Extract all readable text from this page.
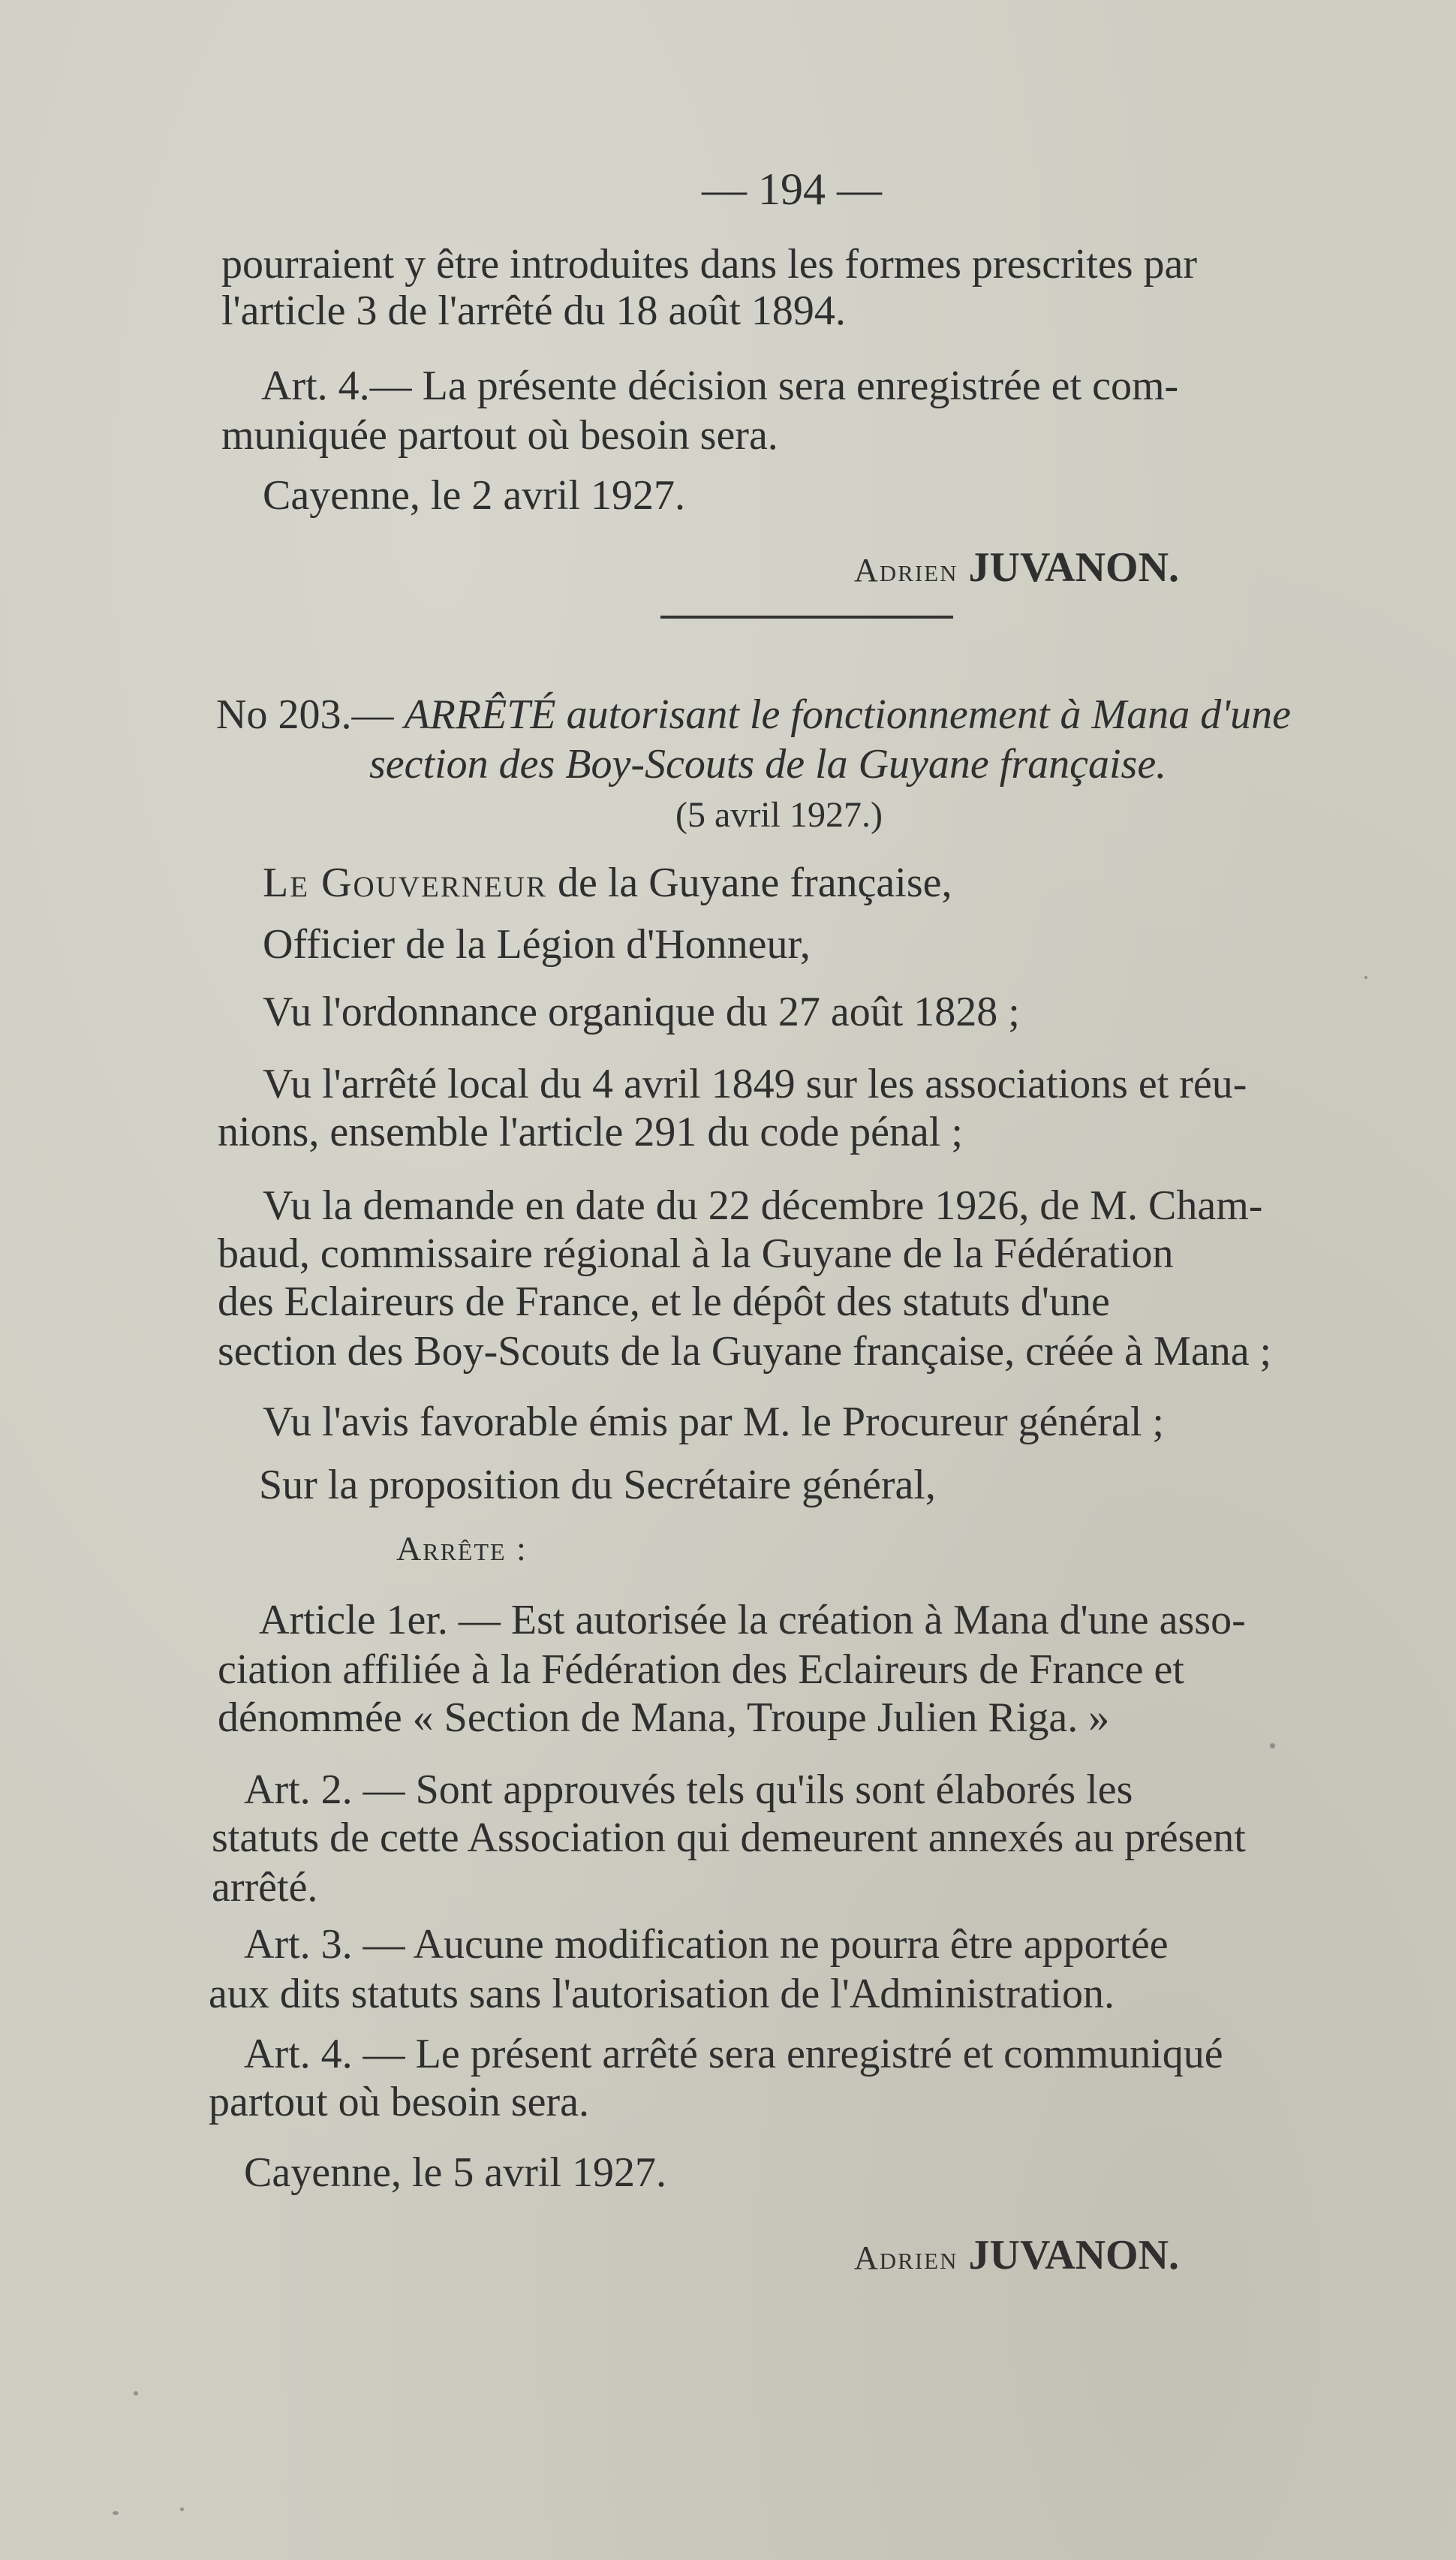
— 194 —
pourraient y être introduites dans les formes prescrites par
l'article 3 de l'arrêté du 18 août 1894.
Art. 4.— La présente décision sera enregistrée et com-
muniquée partout où besoin sera.
Cayenne, le 2 avril 1927.
Adrien JUVANON.
No 203.— ARRÊTÉ autorisant le fonctionnement à Mana d'une
section des Boy-Scouts de la Guyane française.
(5 avril 1927.)
Le Gouverneur de la Guyane française,
Officier de la Légion d'Honneur,
Vu l'ordonnance organique du 27 août 1828 ;
Vu l'arrêté local du 4 avril 1849 sur les associations et réu-
nions, ensemble l'article 291 du code pénal ;
Vu la demande en date du 22 décembre 1926, de M. Cham-
baud, commissaire régional à la Guyane de la Fédération
des Eclaireurs de France, et le dépôt des statuts d'une
section des Boy-Scouts de la Guyane française, créée à Mana ;
Vu l'avis favorable émis par M. le Procureur général ;
Sur la proposition du Secrétaire général,
Arrête :
Article 1er. — Est autorisée la création à Mana d'une asso-
ciation affiliée à la Fédération des Eclaireurs de France et
dénommée « Section de Mana, Troupe Julien Riga. »
Art. 2. — Sont approuvés tels qu'ils sont élaborés les
statuts de cette Association qui demeurent annexés au présent
arrêté.
Art. 3. — Aucune modification ne pourra être apportée
aux dits statuts sans l'autorisation de l'Administration.
Art. 4. — Le présent arrêté sera enregistré et communiqué
partout où besoin sera.
Cayenne, le 5 avril 1927.
Adrien JUVANON.
